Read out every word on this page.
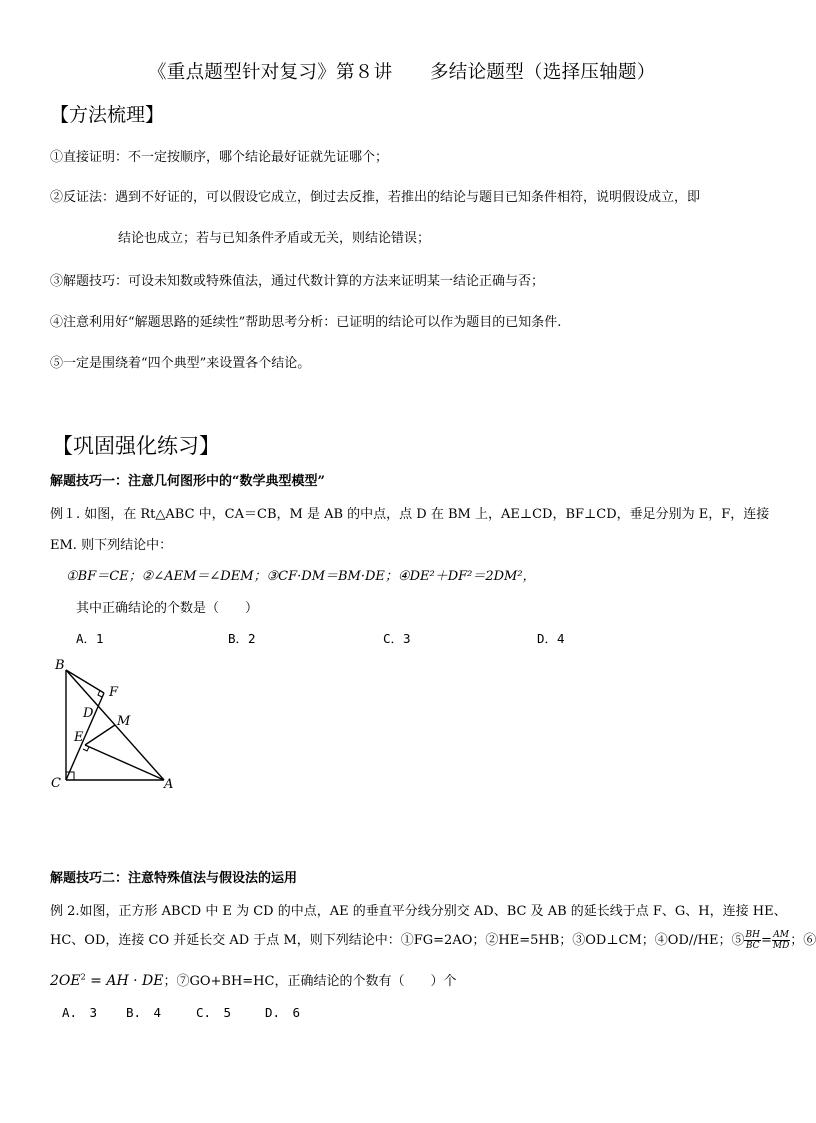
《重点题型针对复习》第８讲　　多结论题型（选择压轴题）
【方法梳理】
①直接证明：不一定按顺序，哪个结论最好证就先证哪个；
②反证法：遇到不好证的，可以假设它成立，倒过去反推，若推出的结论与题目已知条件相符，说明假设成立，即
结论也成立；若与已知条件矛盾或无关，则结论错误；
③解题技巧：可设未知数或特殊值法，通过代数计算的方法来证明某一结论正确与否；
④注意利用好“解题思路的延续性”帮助思考分析：已证明的结论可以作为题目的已知条件.
⑤一定是围绕着“四个典型”来设置各个结论。
【巩固强化练习】
解题技巧一：注意几何图形中的“数学典型模型”
例１. 如图，在 Rt△ABC 中，CA＝CB，M 是 AB 的中点，点 D 在 BM 上，AE⊥CD，BF⊥CD，垂足分别为 E，F，连接
EM. 则下列结论中：
①BF＝CE；②∠AEM＝∠DEM；③CF·DM＝BM·DE；④DE²＋DF²＝2DM²，
其中正确结论的个数是（　　）
A．1	B．2	C．3	D．4
B
F
D
M
E
C	A
解题技巧二：注意特殊值法与假设法的运用
例 2.如图，正方形 ABCD 中 E 为 CD 的中点，AE 的垂直平分线分别交 AD、BC 及 AB 的延长线于点 F、G、H，连接 HE、
HC、OD，连接 CO 并延长交 AD 于点 M，则下列结论中：①FG=2AO；②HE=5HB；③OD⊥CM；④OD//HE；⑤ $\frac{BH}{BC} = \frac{AM}{MD}$ ；⑥
$2OE^2$ = AH · DE；⑦GO+BH=HC，正确结论的个数有（　　）个
A.　3 B.　4	C.　5	D.　6
